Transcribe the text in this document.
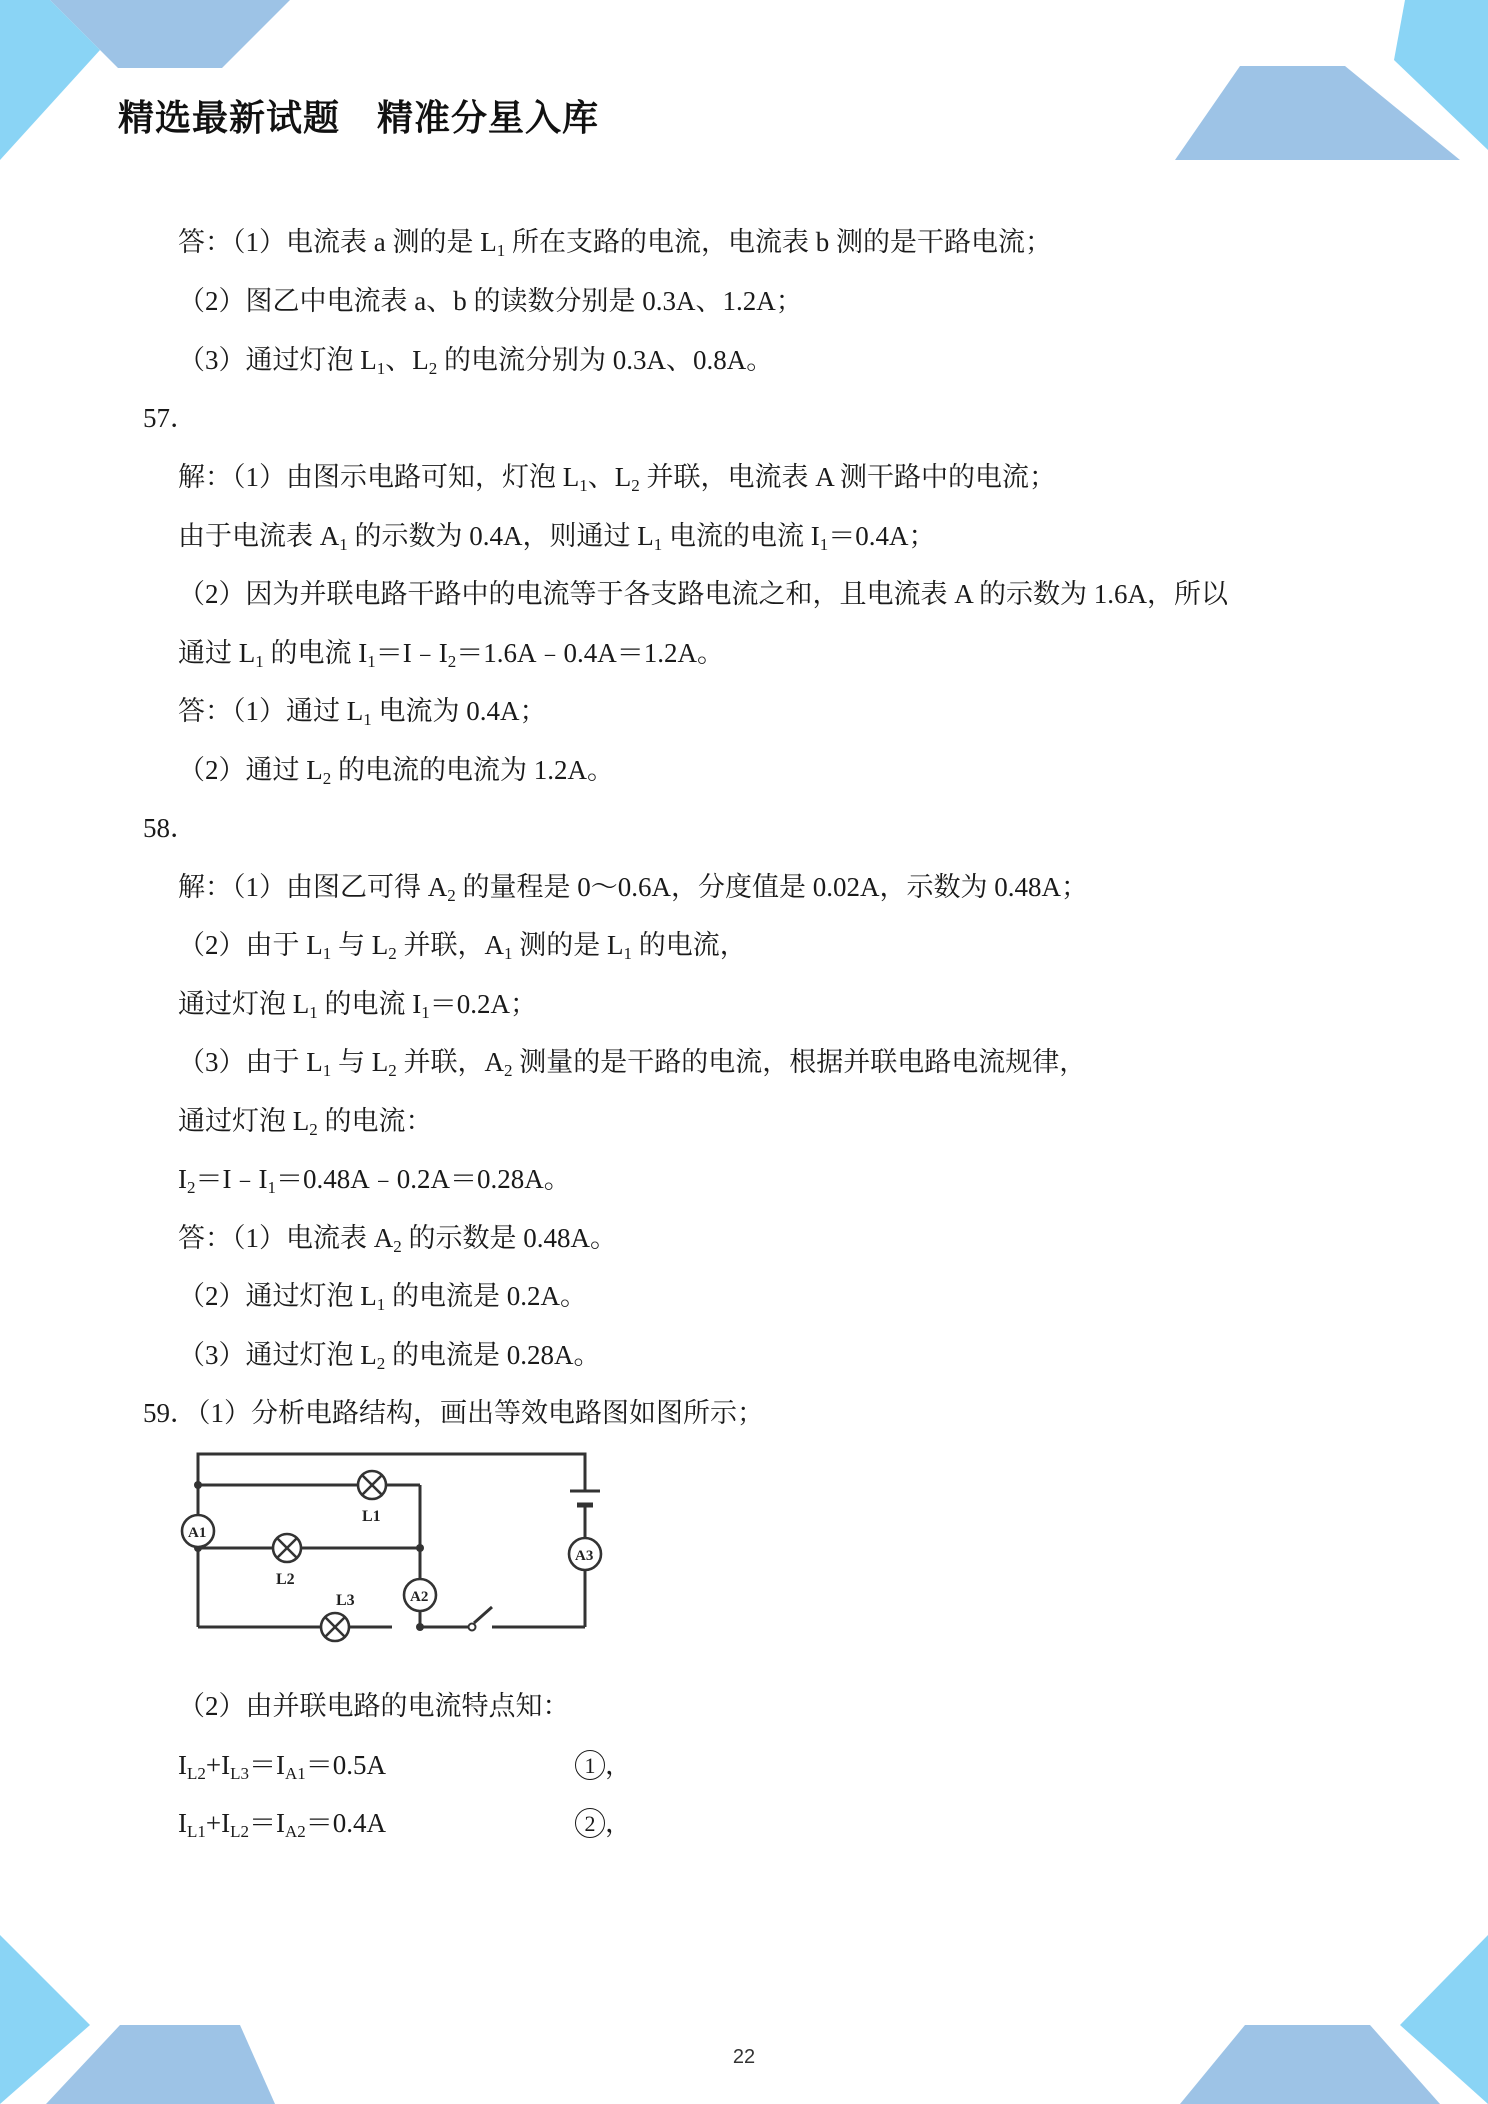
精选最新试题　精准分星入库
答：（1）电流表 a 测的是 $L_1$ 所在支路的电流，电流表 b 测的是干路电流；
（2）图乙中电流表 a、b 的读数分别是 0.3A、1.2A；
（3）通过灯泡 $L_1$、$L_2$ 的电流分别为 0.3A、0.8A。
57．
解：（1）由图示电路可知，灯泡 $L_1$、$L_2$ 并联，电流表 A 测干路中的电流；
由于电流表 $A_1$ 的示数为 0.4A，则通过 $L_1$ 电流的电流 $I_1=0.4A$；
（2）因为并联电路干路中的电流等于各支路电流之和，且电流表 A 的示数为 1.6A，所以
通过 $L_1$ 的电流 $I_1=I﹣I_2=1.6A﹣0.4A=1.2A$。
答：（1）通过 $L_1$ 电流为 0.4A；
（2）通过 $L_2$ 的电流的电流为 1.2A。
58．
解：（1）由图乙可得 $A_2$ 的量程是 0～0.6A，分度值是 0.02A，示数为 0.48A；
（2）由于 $L_1$ 与 $L_2$ 并联，$A_1$ 测的是 $L_1$ 的电流，
通过灯泡 $L_1$ 的电流 $I_1=0.2A$；
（3）由于 $L_1$ 与 $L_2$ 并联，$A_2$ 测量的是干路的电流，根据并联电路电流规律，
通过灯泡 $L_2$ 的电流：
$I_2=I﹣I_1=0.48A﹣0.2A=0.28A$。
答：（1）电流表 $A_2$ 的示数是 0.48A。
（2）通过灯泡 $L_1$ 的电流是 0.2A。
（3）通过灯泡 $L_2$ 的电流是 0.28A。
59．（1）分析电路结构，画出等效电路图如图所示；
（2）由并联电路的电流特点知：
$I_{L2}+I_{L3}=I_{A1}=0.5A$	1 ，
$I_{L1}+I_{L2}=I_{A2}=0.4A$	2 ，
A1
A2
A3
L1
L2
L3
22
